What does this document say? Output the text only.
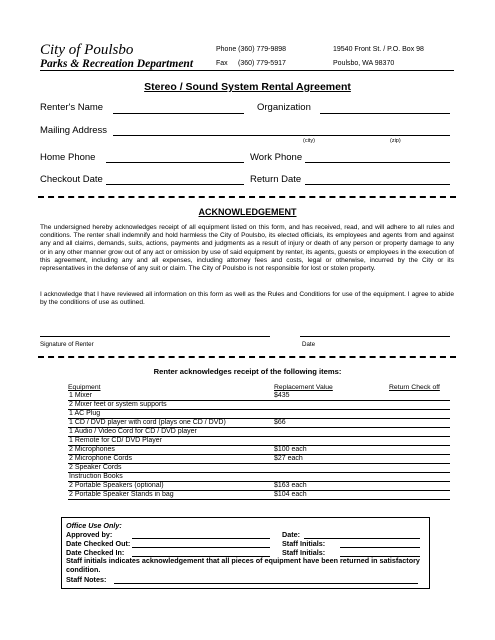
City of Poulsbo
Parks & Recreation Department
Phone (360) 779-9898
Fax (360) 779-5917
19540 Front St. / P.O. Box 98
Poulsbo, WA 98370
Stereo / Sound System Rental Agreement
Renter's Name	Organization
Mailing Address
(city)	(zip)
Home Phone	Work Phone
Checkout Date	Return Date
ACKNOWLEDGEMENT
The undersigned hereby acknowledges receipt of all equipment listed on this form, and has received, read, and will adhere to all rules and conditions. The renter shall indemnify and hold harmless the City of Poulsbo, its elected officials, its employees and agents from and against any and all claims, demands, suits, actions, payments and judgments as a result of injury or death of any person or property damage to any or in any other manner grow out of any act or omission by use of said equipment by renter, its agents, guests or employees in the execution of this agreement, including any and all expenses, including attorney fees and costs, legal or otherwise, incurred by the City or its representatives in the defense of any suit or claim. The City of Poulsbo is not responsible for lost or stolen property.
I acknowledge that I have reviewed all information on this form as well as the Rules and Conditions for use of the equipment. I agree to abide by the conditions of use as outlined.
Signature of Renter	Date
Renter acknowledges receipt of the following items:
Equipment	Replacement Value	Return Check off
1 Mixer	$435
2 Mixer feet or system supports
1 AC Plug
1 CD / DVD player with cord (plays one CD / DVD)	$66
1 Audio / Video Cord for CD / DVD player
1 Remote for CD/ DVD Player
2 Microphones	$100 each
2 Microphone Cords	$27 each
2 Speaker Cords
Instruction Books
2 Portable Speakers (optional)	$163 each
2 Portable Speaker Stands in bag	$104 each
Office Use Only:
Approved by:	Date:
Date Checked Out:	Staff Initials:
Date Checked In:	Staff Initials:
Staff initials indicates acknowledgement that all pieces of equipment have been returned in satisfactory condition.
Staff Notes:
